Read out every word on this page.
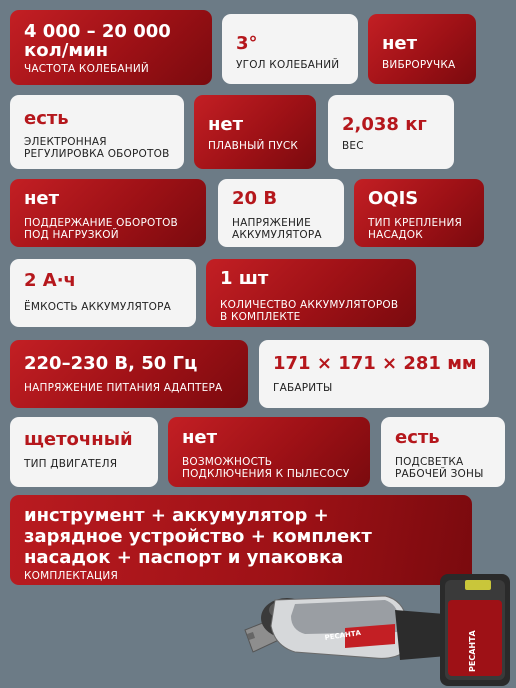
4 000 – 20 000 кол/мин
ЧАСТОТА КОЛЕБАНИЙ
3°
УГОЛ КОЛЕБАНИЙ
нет
ВИБРОРУЧКА
есть
ЭЛЕКТРОННАЯ РЕГУЛИРОВКА ОБОРОТОВ
нет
ПЛАВНЫЙ ПУСК
2,038 кг
ВЕС
нет
ПОДДЕРЖАНИЕ ОБОРОТОВ ПОД НАГРУЗКОЙ
20 В
НАПРЯЖЕНИЕ АККУМУЛЯТОРА
OQIS
ТИП КРЕПЛЕНИЯ НАСАДОК
2 А·ч
ЁМКОСТЬ АККУМУЛЯТОРА
1 шт
КОЛИЧЕСТВО АККУМУЛЯТОРОВ В КОМПЛЕКТЕ
220–230 В, 50 Гц
НАПРЯЖЕНИЕ ПИТАНИЯ АДАПТЕРА
171 × 171 × 281 мм
ГАБАРИТЫ
щеточный
ТИП ДВИГАТЕЛЯ
нет
ВОЗМОЖНОСТЬ ПОДКЛЮЧЕНИЯ К ПЫЛЕСОСУ
есть
ПОДСВЕТКА РАБОЧЕЙ ЗОНЫ
инструмент + аккумулятор + зарядное устройство + комплект насадок + паспорт и упаковка
КОМПЛЕКТАЦИЯ
РЕСАНТА
РЕСАНТА
